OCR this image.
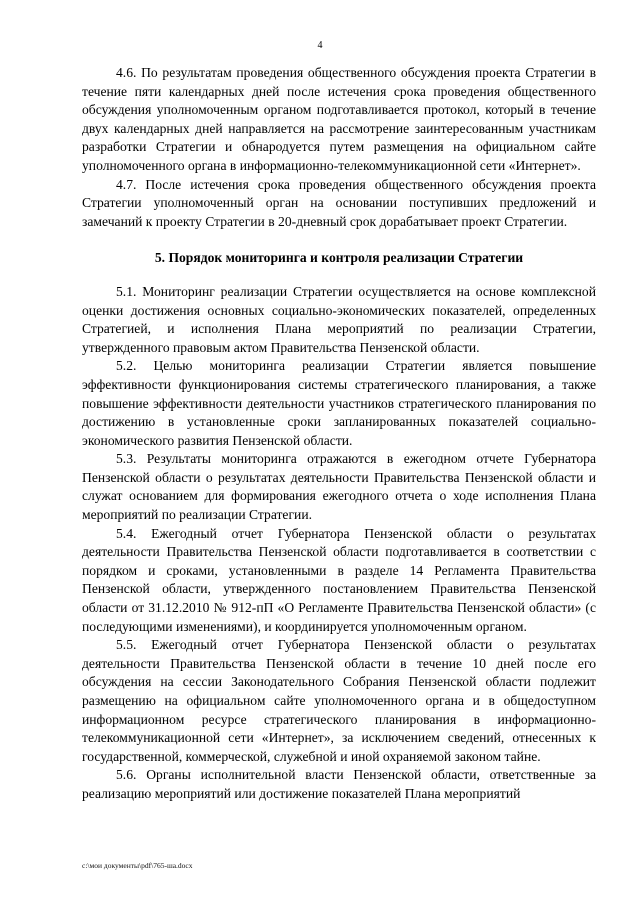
4

4.6. По результатам проведения общественного обсуждения проекта Стратегии в течение пяти календарных дней после истечения срока проведения общественного обсуждения уполномоченным органом подготавливается протокол, который в течение двух календарных дней направляется на рассмотрение заинтересованным участникам разработки Стратегии и обнародуется путем размещения на официальном сайте уполномоченного органа в информационно-телекоммуникационной сети «Интернет».

4.7. После истечения срока проведения общественного обсуждения проекта Стратегии уполномоченный орган на основании поступивших предложений и замечаний к проекту Стратегии в 20-дневный срок дорабатывает проект Стратегии.

5. Порядок мониторинга и контроля реализации Стратегии

5.1. Мониторинг реализации Стратегии осуществляется на основе комплексной оценки достижения основных социально-экономических показателей, определенных Стратегией, и исполнения Плана мероприятий по реализации Стратегии, утвержденного правовым актом Правительства Пензенской области.

5.2. Целью мониторинга реализации Стратегии является повышение эффективности функционирования системы стратегического планирования, а также повышение эффективности деятельности участников стратегического планирования по достижению в установленные сроки запланированных показателей социально-экономического развития Пензенской области.

5.3. Результаты мониторинга отражаются в ежегодном отчете Губернатора Пензенской области о результатах деятельности Правительства Пензенской области и служат основанием для формирования ежегодного отчета о ходе исполнения Плана мероприятий по реализации Стратегии.

5.4. Ежегодный отчет Губернатора Пензенской области о результатах деятельности Правительства Пензенской области подготавливается в соответствии с порядком и сроками, установленными в разделе 14 Регламента Правительства Пензенской области, утвержденного постановлением Правительства Пензенской области от 31.12.2010 № 912-пП «О Регламенте Правительства Пензенской области» (с последующими изменениями), и координируется уполномоченным органом.

5.5. Ежегодный отчет Губернатора Пензенской области о результатах деятельности Правительства Пензенской области в течение 10 дней после его обсуждения на сессии Законодательного Собрания Пензенской области подлежит размещению на официальном сайте уполномоченного органа и в общедоступном информационном ресурсе стратегического планирования в информационно-телекоммуникационной сети «Интернет», за исключением сведений, отнесенных к государственной, коммерческой, служебной и иной охраняемой законом тайне.

5.6. Органы исполнительной власти Пензенской области, ответственные за реализацию мероприятий или достижение показателей Плана мероприятий

c:\мои документы\pdf\765-ша.docx
